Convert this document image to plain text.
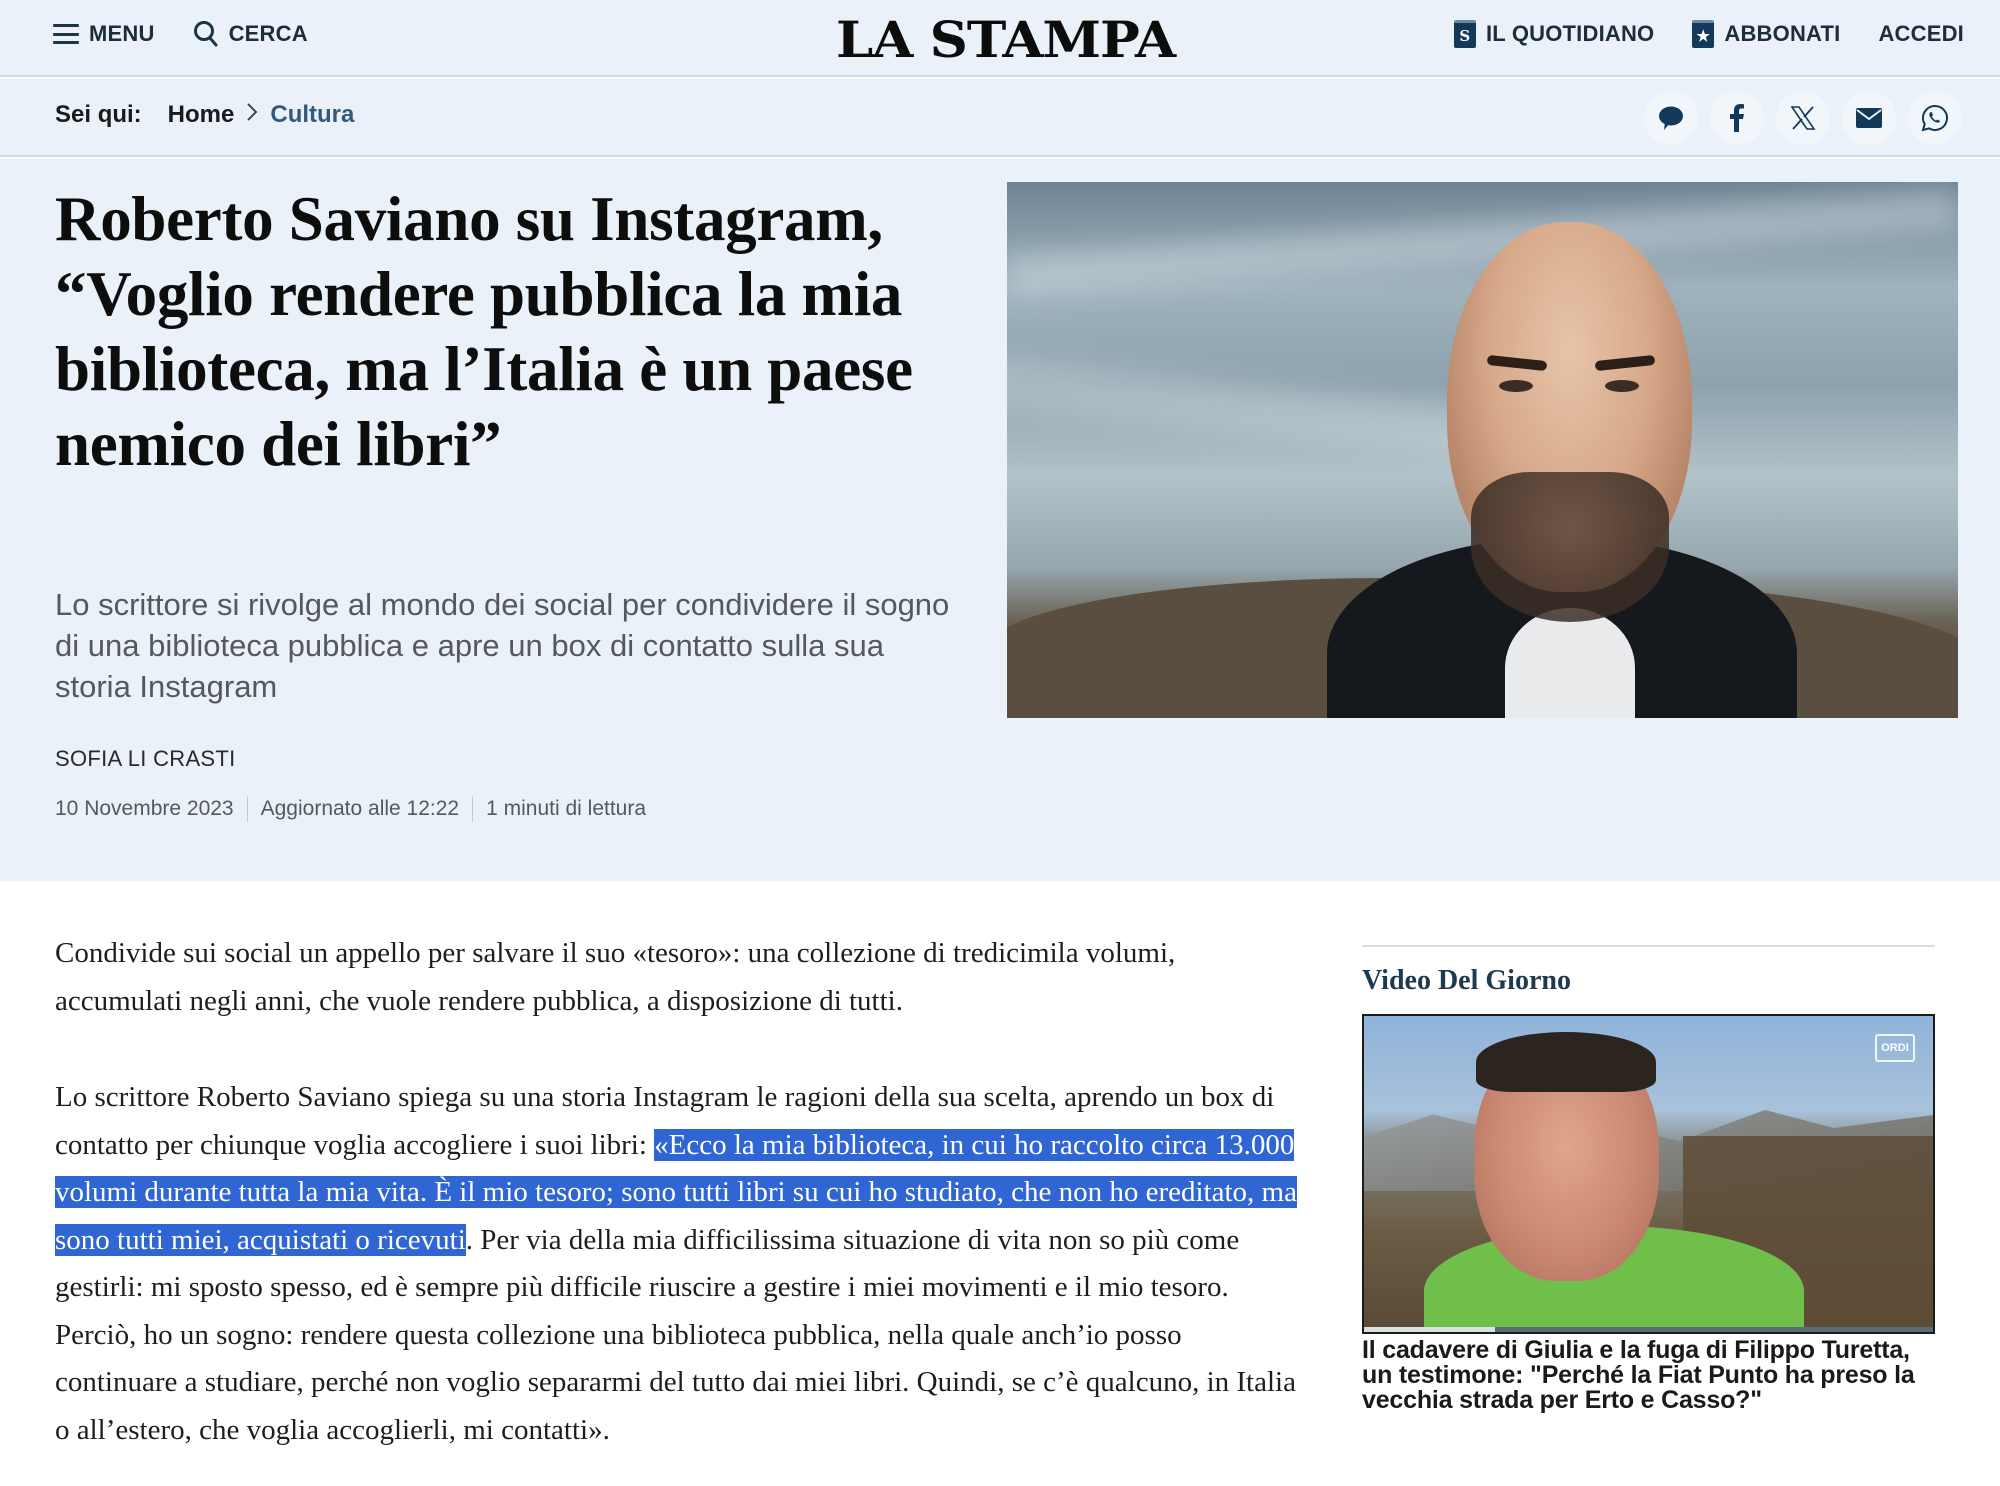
MENU	CERCA	LA STAMPA	S IL QUOTIDIANO	★ ABBONATI ACCEDI
Sei qui: Home Cultura
Roberto Saviano su Instagram, “Voglio rendere pubblica la mia biblioteca, ma l’Italia è un paese nemico dei libri”

Lo scrittore si rivolge al mondo dei social per condividere il sogno di una biblioteca pubblica e apre un box di contatto sulla sua storia Instagram

SOFIA LI CRASTI
10 Novembre 2023 Aggiornato alle 12:22 1 minuti di lettura

Condivide sui social un appello per salvare il suo «tesoro»: una collezione di tredicimila volumi, accumulati negli anni, che vuole rendere pubblica, a disposizione di tutti.

Lo scrittore Roberto Saviano spiega su una storia Instagram le ragioni della sua scelta, aprendo un box di contatto per chiunque voglia accogliere i suoi libri: «Ecco la mia biblioteca, in cui ho raccolto circa 13.000 volumi durante tutta la mia vita. È il mio tesoro; sono tutti libri su cui ho studiato, che non ho ereditato, ma sono tutti miei, acquistati o ricevuti. Per via della mia difficilissima situazione di vita non so più come gestirli: mi sposto spesso, ed è sempre più difficile riuscire a gestire i miei movimenti e il mio tesoro. Perciò, ho un sogno: rendere questa collezione una biblioteca pubblica, nella quale anch’io posso continuare a studiare, perché non voglio separarmi del tutto dai miei libri. Quindi, se c’è qualcuno, in Italia o all’estero, che voglia accoglierli, mi contatti».

Video Del Giorno
ORDI
Il cadavere di Giulia e la fuga di Filippo Turetta, un testimone: "Perché la Fiat Punto ha preso la vecchia strada per Erto e Casso?"
